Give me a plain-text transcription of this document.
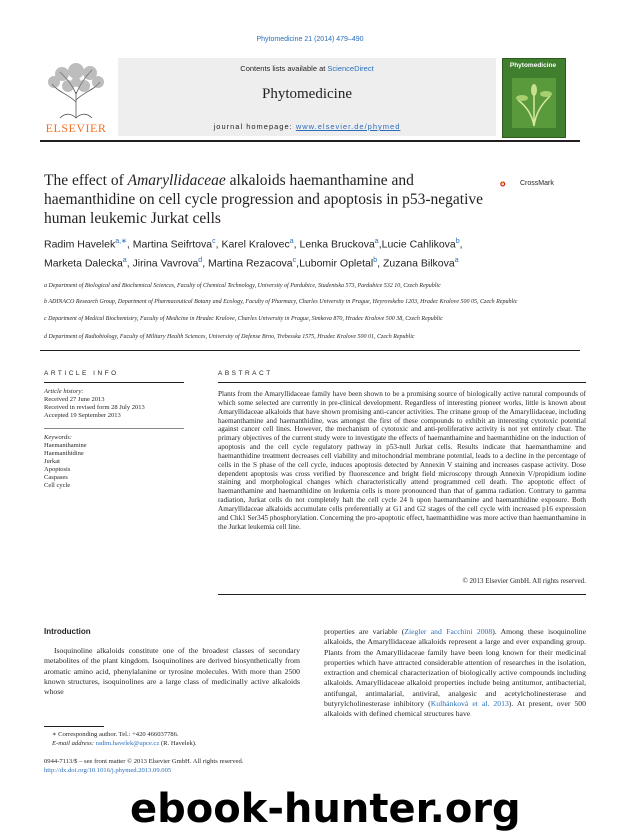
Phytomedicine 21 (2014) 479–490
ELSEVIER
Contents lists available at ScienceDirect
Phytomedicine
journal homepage: www.elsevier.de/phymed
Phytomedicine
The effect of Amaryllidaceae alkaloids haemanthamine and haemanthidine on cell cycle progression and apoptosis in p53-negative human leukemic Jurkat cells
CrossMark
Radim Havelek$^{a,∗}$, Martina Seifrtova$^c$, Karel Kralovec$^a$, Lenka Bruckova$^a$,Lucie Cahlikova$^b$, Marketa Dalecka$^a$, Jirina Vavrova$^d$, Martina Rezacova$^c$,Lubomir Opletal$^b$, Zuzana Bilkova$^a$
a Department of Biological and Biochemical Sciences, Faculty of Chemical Technology, University of Pardubice, Studentska 573, Pardubice 532 10, Czech Republic
b ADINACO Research Group, Department of Pharmaceutical Botany and Ecology, Faculty of Pharmacy, Charles University in Prague, Heyrovskeho 1203, Hradec Kralove 500 05, Czech Republic
c Department of Medical Biochemistry, Faculty of Medicine in Hradec Kralove, Charles University in Prague, Simkova 870, Hradec Kralove 500 38, Czech Republic
d Department of Radiobiology, Faculty of Military Health Sciences, University of Defense Brno, Trebesska 1575, Hradec Kralove 500 01, Czech Republic
ARTICLE INFO
Article history:
Received 27 June 2013
Received in revised form 28 July 2013
Accepted 19 September 2013
Keywords:
Haemanthamine
Haemanthidine
Jurkat
Apoptosis
Caspases
Cell cycle
ABSTRACT
Plants from the Amaryllidaceae family have been shown to be a promising source of biologically active natural compounds of which some selected are currently in pre-clinical development. Regardless of interesting pioneer works, little is known about Amaryllidaceae alkaloids that have shown promising anti-cancer activities. The crinane group of the Amaryllidaceae, including haemanthamine and haemanthidine, was amongst the first of these compounds to exhibit an interesting cytotoxic potential against cancer cell lines. However, the mechanism of cytotoxic and anti-proliferative activity is not yet entirely clear. The primary objectives of the current study were to investigate the effects of haemanthamine and haemanthidine on the induction of apoptosis and the cell cycle regulatory pathway in p53-null Jurkat cells. Results indicate that haemanthamine and haemanthidine treatment decreases cell viability and mitochondrial membrane potential, leads to a decline in the percentage of cells in the S phase of the cell cycle, induces apoptosis detected by Annexin V staining and increases caspase activity. Dose dependent apoptosis was cross verified by fluorescence and bright field microscopy through Annexin V/propidium iodine staining and morphological changes which characteristically attend programmed cell death. The apoptotic effect of haemanthamine and haemanthidine on leukemia cells is more pronounced than that of gamma radiation. Contrary to gamma radiation, Jurkat cells do not completely halt the cell cycle 24 h upon haemanthamine and haemanthidine exposure. Both Amaryllidaceae alkaloids accumulate cells preferentially at G1 and G2 stages of the cell cycle with increased p16 expression and Chk1 Ser345 phosphorylation. Concerning the pro-apoptotic effect, haemanthidine was more active than haemanthamine in the Jurkat leukemia cell line.
© 2013 Elsevier GmbH. All rights reserved.
Introduction
Isoquinoline alkaloids constitute one of the broadest classes of secondary metabolites of the plant kingdom. Isoquinolines are derived biosynthetically from aromatic amino acid, phenylalanine or tyrosine molecules. With more than 2500 known structures, isoquinolines are a large class of medicinally active alkaloids whose
properties are variable (Ziegler and Facchini 2008). Among these isoquinoline alkaloids, the Amaryllidaceae alkaloids represent a large and ever expanding group. Plants from the Amaryllidaceae family have been long known for their medicinal properties which have attracted considerable attention of researches in the isolation, extraction and chemical characterization of biologically active compounds including alkaloids. Amaryllidaceae alkaloid properties include being antitumor, antibacterial, antifungal, antimalarial, antiviral, analgesic and acetylcholinesterase and butyrylcholinesterase inhibitory (Kulhánková et al. 2013). At present, over 500 alkaloids with defined chemical structures have
∗ Corresponding author. Tel.: +420 466037786.
E-mail address: radim.havelek@upce.cz (R. Havelek).
0944-7113/$ – see front matter © 2013 Elsevier GmbH. All rights reserved.
http://dx.doi.org/10.1016/j.phymed.2013.09.005
ebook-hunter.org
